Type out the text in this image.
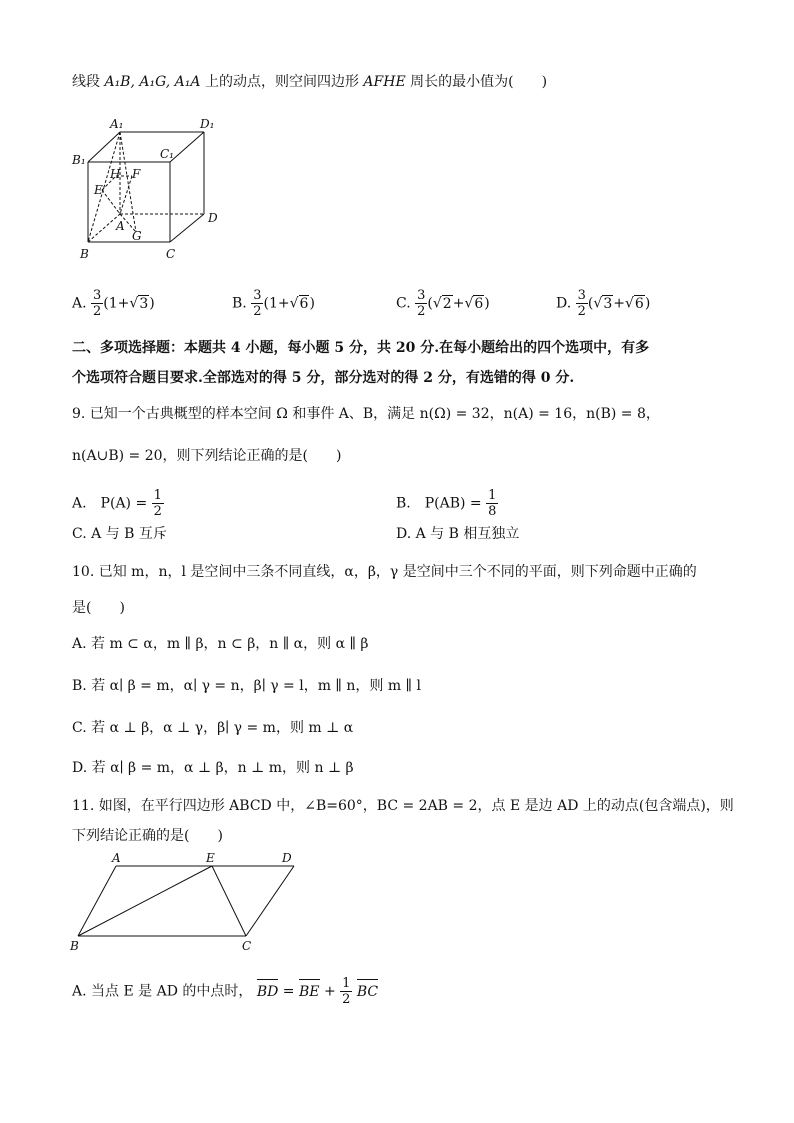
线段 A₁B, A₁G, A₁A 上的动点，则空间四边形 AFHE 周长的最小值为(　　)
A₁	D₁
B₁	C₁
H F
E
D
A
G
B	C
A. $\frac{3}{2} (1+√3)$	B. $\frac{3}{2} (1+√6)$	C. $\frac{3}{2} (√2+√6)$	D. $\frac{3}{2} (√3+√6)$
二、多项选择题：本题共 4 小题，每小题 5 分，共 20 分.在每小题给出的四个选项中，有多
个选项符合题目要求.全部选对的得 5 分，部分选对的得 2 分，有选错的得 0 分.
9. 已知一个古典概型的样本空间 Ω 和事件 A、B，满足 n(Ω) = 32，n(A) = 16，n(B) = 8，
n(A∪B) = 20，则下列结论正确的是(　　)
A.　$P(A) = \frac{1}{2}$	B.　$P(AB) = \frac{1}{8}$
C. A 与 B 互斥	D. A 与 B 相互独立
10. 已知 m，n，l 是空间中三条不同直线，α，β，γ 是空间中三个不同的平面，则下列命题中正确的
是(　　)
A. 若 m ⊂ α，m ∥ β，n ⊂ β，n ∥ α，则 α ∥ β
B. 若 α∣ β = m，α∣ γ = n，β∣ γ = l，m ∥ n，则 m ∥ l
C. 若 α ⊥ β，α ⊥ γ，β∣ γ = m，则 m ⊥ α
D. 若 α∣ β = m，α ⊥ β，n ⊥ m，则 n ⊥ β
11. 如图，在平行四边形 ABCD 中，∠B=60°，BC = 2AB = 2，点 E 是边 AD 上的动点(包含端点)，则
下列结论正确的是(　　)
A	E	D
B	C
A. 当点 E 是 AD 的中点时， BD = BE + $\frac{1}{2}$ BC
